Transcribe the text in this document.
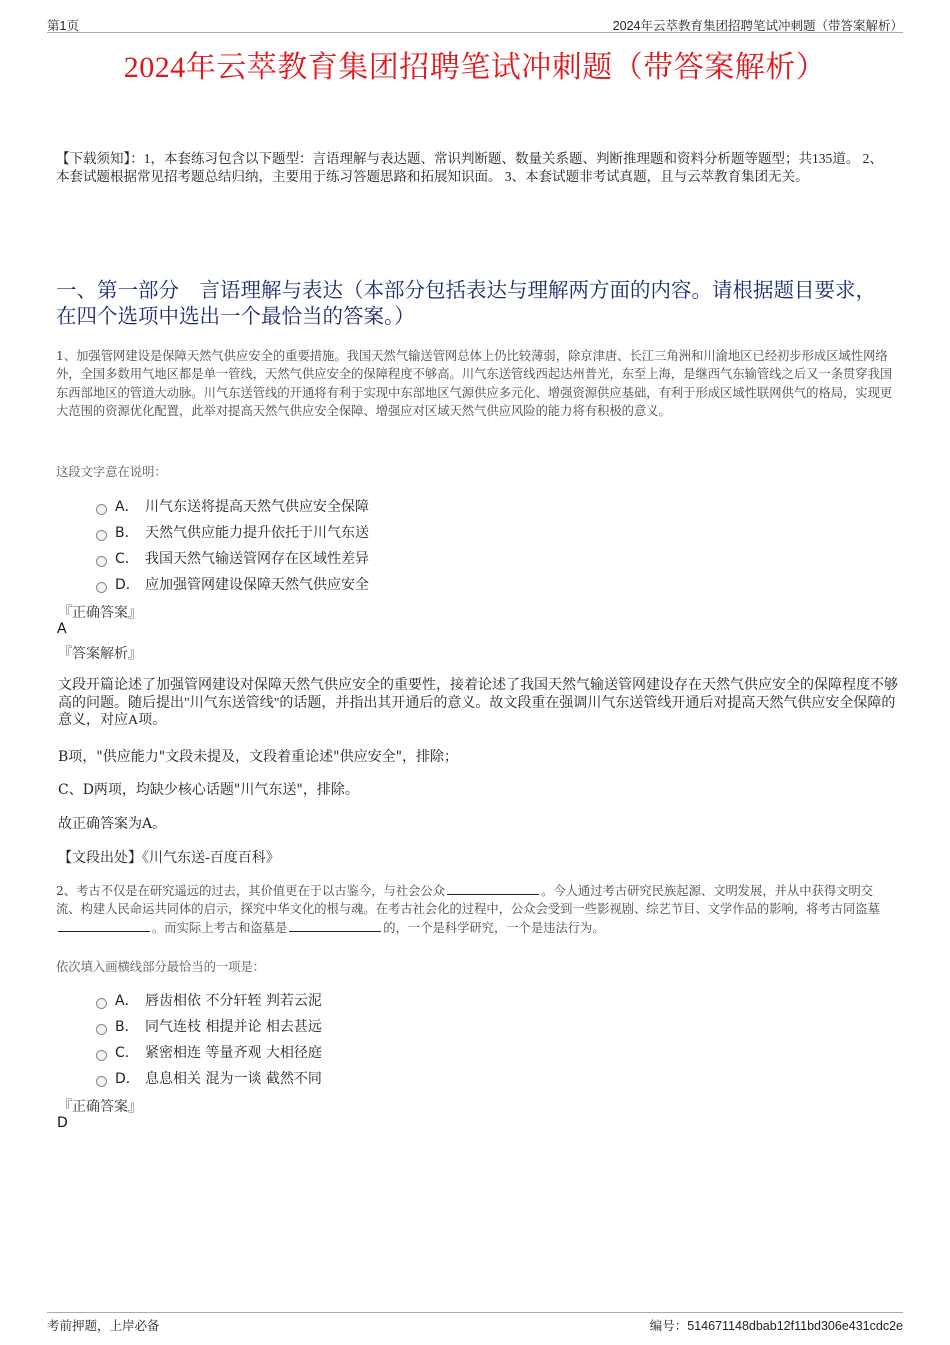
第1页	2024年云萃教育集团招聘笔试冲刺题（带答案解析）
2024年云萃教育集团招聘笔试冲刺题（带答案解析）
【下载须知】：1，本套练习包含以下题型：言语理解与表达题、常识判断题、数量关系题、判断推理题和资料分析题等题型；共135道。 2、本套试题根据常见招考题总结归纳，主要用于练习答题思路和拓展知识面。 3、本套试题非考试真题，且与云萃教育集团无关。
一、第一部分　言语理解与表达（本部分包括表达与理解两方面的内容。请根据题目要求，在四个选项中选出一个最恰当的答案。）
1、加强管网建设是保障天然气供应安全的重要措施。我国天然气输送管网总体上仍比较薄弱，除京津唐、长江三角洲和川渝地区已经初步形成区域性网络外，全国多数用气地区都是单一管线，天然气供应安全的保障程度不够高。川气东送管线西起达州普光，东至上海，是继西气东输管线之后又一条贯穿我国东西部地区的管道大动脉。川气东送管线的开通将有利于实现中东部地区气源供应多元化、增强资源供应基础，有利于形成区域性联网供气的格局，实现更大范围的资源优化配置，此举对提高天然气供应安全保障、增强应对区域天然气供应风险的能力将有积极的意义。
这段文字意在说明：
A． 川气东送将提高天然气供应安全保障
B． 天然气供应能力提升依托于川气东送
C． 我国天然气输送管网存在区域性差异
D． 应加强管网建设保障天然气供应安全
『正确答案』
A
『答案解析』
文段开篇论述了加强管网建设对保障天然气供应安全的重要性，接着论述了我国天然气输送管网建设存在天然气供应安全的保障程度不够高的问题。随后提出"川气东送管线"的话题，并指出其开通后的意义。故文段重在强调川气东送管线开通后对提高天然气供应安全保障的意义，对应A项。
B项，"供应能力"文段未提及，文段着重论述"供应安全"，排除；
C、D两项，均缺少核心话题"川气东送"，排除。
故正确答案为A。
【文段出处】《川气东送-百度百科》
2、考古不仅是在研究遥远的过去，其价值更在于以古鉴今，与社会公众	。今人通过考古研究民族起源、文明发展，并从中获得文明交流、构建人民命运共同体的启示，探究中华文化的根与魂。在考古社会化的过程中，公众会受到一些影视剧、综艺节目、文学作品的影响，将考古同盗墓。而实际上考古和盗墓是	的，一个是科学研究，一个是违法行为。
依次填入画横线部分最恰当的一项是：
A． 唇齿相依 不分轩轾 判若云泥
B． 同气连枝 相提并论 相去甚远
C． 紧密相连 等量齐观 大相径庭
D． 息息相关 混为一谈 截然不同
『正确答案』
D
考前押题，上岸必备	编号：514671148dbab12f11bd306e431cdc2e
